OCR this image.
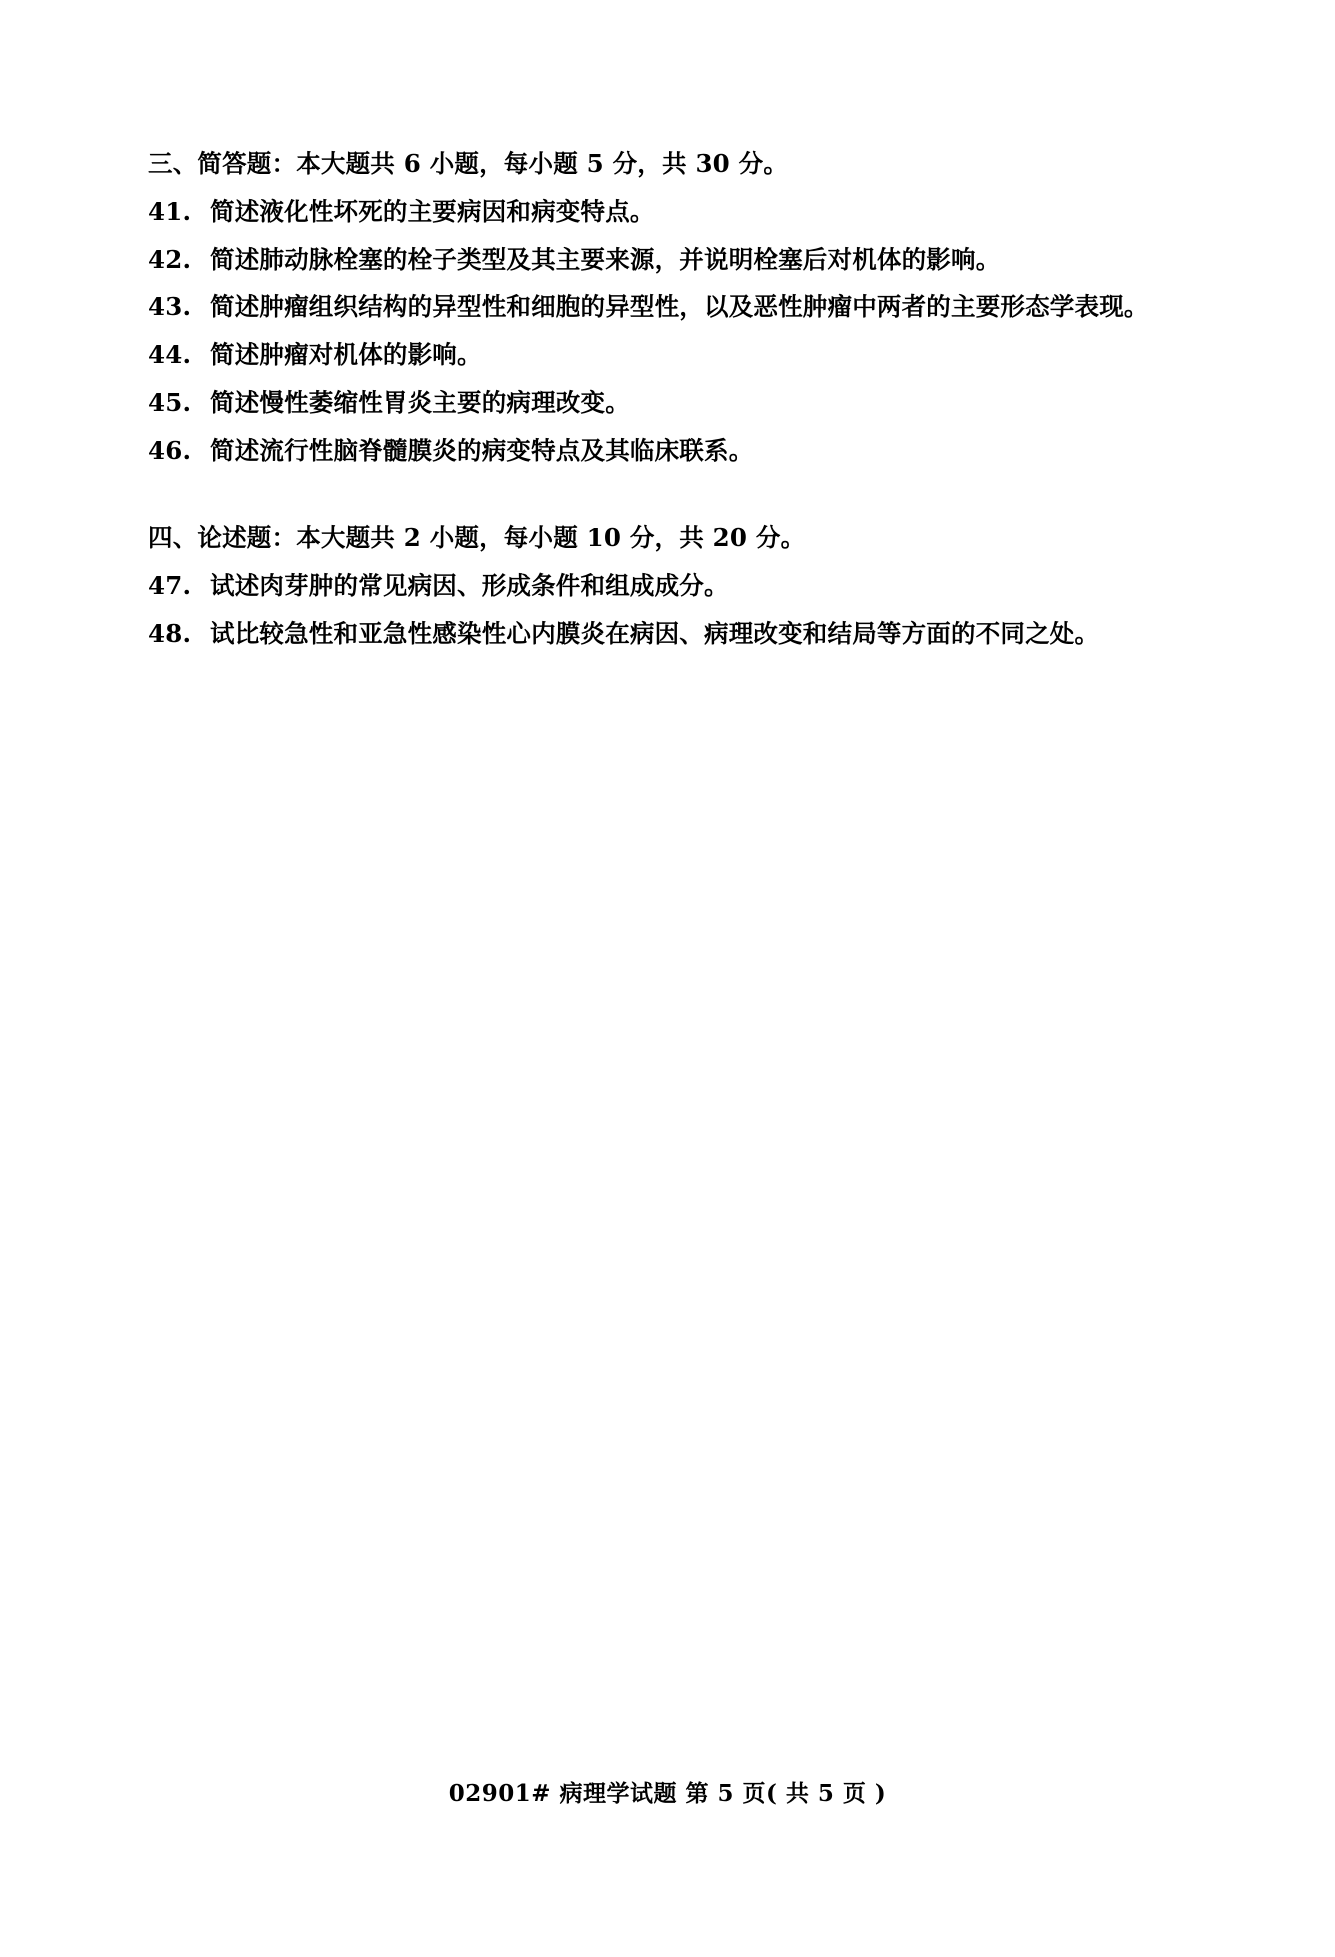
三、简答题：本大题共 6 小题，每小题 5 分，共 30 分。
41. 简述液化性坏死的主要病因和病变特点。
42. 简述肺动脉栓塞的栓子类型及其主要来源，并说明栓塞后对机体的影响。
43. 简述肿瘤组织结构的异型性和细胞的异型性，以及恶性肿瘤中两者的主要形态学表现。
44. 简述肿瘤对机体的影响。
45. 简述慢性萎缩性胃炎主要的病理改变。
46. 简述流行性脑脊髓膜炎的病变特点及其临床联系。
四、论述题：本大题共 2 小题，每小题 10 分，共 20 分。
47. 试述肉芽肿的常见病因、形成条件和组成成分。
48. 试比较急性和亚急性感染性心内膜炎在病因、病理改变和结局等方面的不同之处。
02901# 病理学试题 第 5 页( 共 5 页 )
